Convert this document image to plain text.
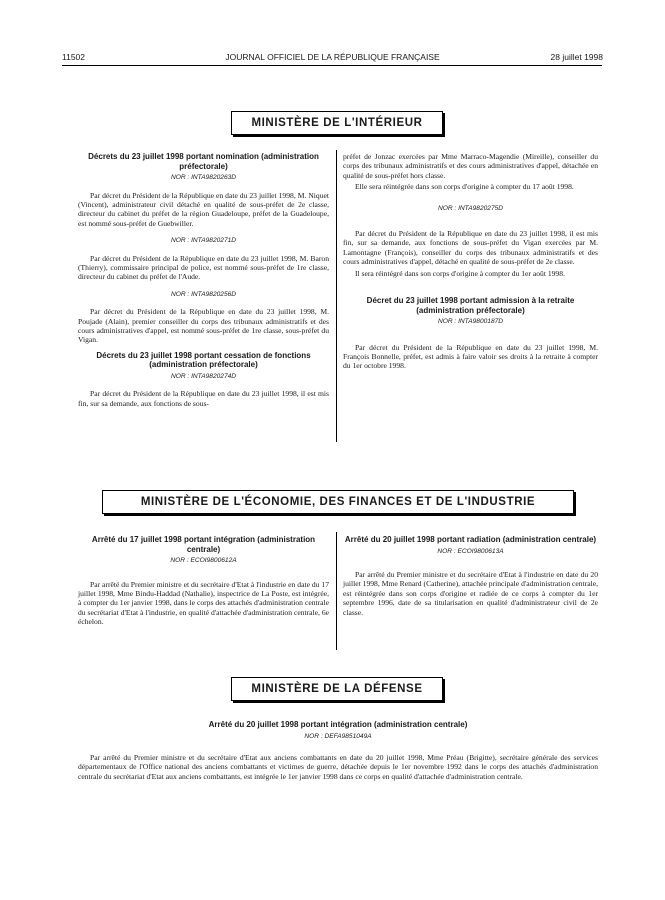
11502	JOURNAL OFFICIEL DE LA RÉPUBLIQUE FRANÇAISE	28 juillet 1998
MINISTÈRE DE L'INTÉRIEUR

Décrets du 23 juillet 1998 portant nomination (administration préfectorale)

NOR : INTA9820263D

Par décret du Président de la République en date du 23 juillet 1998, M. Niquet (Vincent), administrateur civil détaché en qualité de sous-préfet de 2e classe, directeur du cabinet du préfet de la région Guadeloupe, préfet de la Guadeloupe, est nommé sous-préfet de Guebwiller.

NOR : INTA9820271D

Par décret du Président de la République en date du 23 juillet 1998, M. Baron (Thierry), commissaire principal de police, est nommé sous-préfet de 1re classe, directeur du cabinet du préfet de l'Aude.

NOR : INTA9820256D

Par décret du Président de la République en date du 23 juillet 1998, M. Poujade (Alain), premier conseiller du corps des tribunaux administratifs et des cours administratives d'appel, est nommé sous-préfet de 1re classe, sous-préfet du Vigan.

Décrets du 23 juillet 1998 portant cessation de fonctions (administration préfectorale)

NOR : INTA9820274D

Par décret du Président de la République en date du 23 juillet 1998, il est mis fin, sur sa demande, aux fonctions de sous-

préfet de Jonzac exercées par Mme Marraco-Magendie (Mireille), conseiller du corps des tribunaux administratifs et des cours administratives d'appel, détachée en qualité de sous-préfet hors classe.

Elle sera réintégrée dans son corps d'origine à compter du 17 août 1998.

NOR : INTA9820275D

Par décret du Président de la République en date du 23 juillet 1998, il est mis fin, sur sa demande, aux fonctions de sous-préfet du Vigan exercées par M. Lamontagne (François), conseiller du corps des tribunaux administratifs et des cours administratives d'appel, détaché en qualité de sous-préfet de 2e classe.

Il sera réintégré dans son corps d'origine à compter du 1er août 1998.

Décret du 23 juillet 1998 portant admission à la retraite (administration préfectorale)

NOR : INTA9800187D

Par décret du Président de la République en date du 23 juillet 1998, M. François Bonnelle, préfet, est admis à faire valoir ses droits à la retraite à compter du 1er octobre 1998.

MINISTÈRE DE L'ÉCONOMIE, DES FINANCES ET DE L'INDUSTRIE

Arrêté du 17 juillet 1998 portant intégration (administration centrale)

NOR : ECOI9800612A

Par arrêté du Premier ministre et du secrétaire d'Etat à l'industrie en date du 17 juillet 1998, Mme Bindu-Haddad (Nathalie), inspectrice de La Poste, est intégrée, à compter du 1er janvier 1998, dans le corps des attachés d'administration centrale du secrétariat d'Etat à l'industrie, en qualité d'attachée d'administration centrale, 6e échelon.

Arrêté du 20 juillet 1998 portant radiation (administration centrale)

NOR : ECOI9800613A

Par arrêté du Premier ministre et du secrétaire d'Etat à l'industrie en date du 20 juillet 1998, Mme Renard (Catherine), attachée principale d'administration centrale, est réintégrée dans son corps d'origine et radiée de ce corps à compter du 1er septembre 1996, date de sa titularisation en qualité d'administrateur civil de 2e classe.

MINISTÈRE DE LA DÉFENSE

Arrêté du 20 juillet 1998 portant intégration (administration centrale)

NOR : DEFA9851049A

Par arrêté du Premier ministre et du secrétaire d'Etat aux anciens combattants en date du 20 juillet 1998, Mme Préau (Brigitte), secrétaire générale des services départementaux de l'Office national des anciens combattants et victimes de guerre, détachée depuis le 1er novembre 1992 dans le corps des attachés d'administration centrale du secrétariat d'Etat aux anciens combattants, est intégrée le 1er janvier 1998 dans ce corps en qualité d'attachée d'administration centrale.
